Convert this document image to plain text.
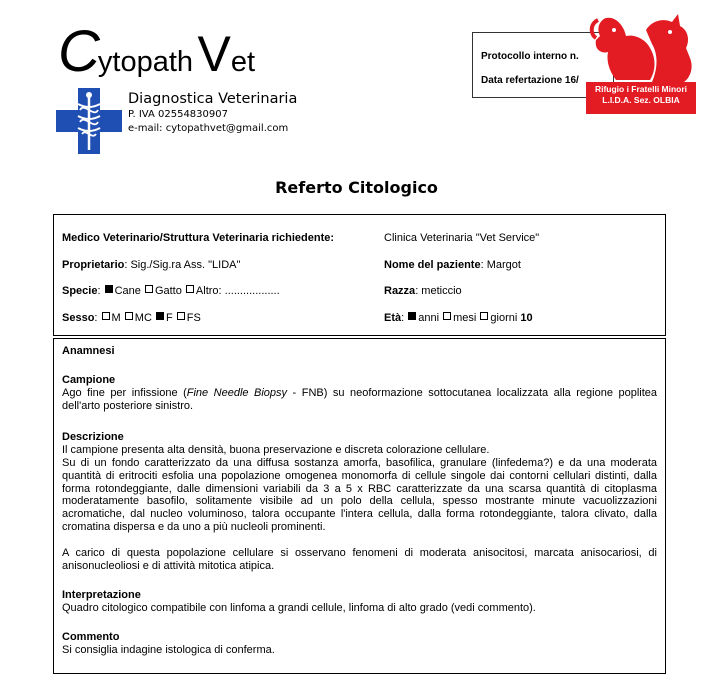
Cytopath Vet
Diagnostica Veterinaria
P. IVA 02554830907
e-mail: cytopathvet@gmail.com
Protocollo interno n.
Data refertazione 16/
Rifugio i Fratelli Minori
L.I.D.A. Sez. OLBIA
Referto Citologico
Medico Veterinario/Struttura Veterinaria richiedente:	Clinica Veterinaria "Vet Service"
Proprietario: Sig./Sig.ra Ass. "LIDA"	Nome del paziente: Margot
Specie: Cane Gatto Altro: ..................	Razza: meticcio
Sesso: M MC F FS	Età: anni mesi giorni 10
Anamnesi
Campione
Ago fine per infissione (Fine Needle Biopsy - FNB) su neoformazione sottocutanea localizzata alla regione poplitea dell'arto posteriore sinistro.
Descrizione
Il campione presenta alta densità, buona preservazione e discreta colorazione cellulare.
Su di un fondo caratterizzato da una diffusa sostanza amorfa, basofilica, granulare (linfedema?) e da una moderata quantità di eritrociti esfolia una popolazione omogenea monomorfa di cellule singole dai contorni cellulari distinti, dalla forma rotondeggiante, dalle dimensioni variabili da 3 a 5 x RBC caratterizzate da una scarsa quantità di citoplasma moderatamente basofilo, solitamente visibile ad un polo della cellula, spesso mostrante minute vacuolizzazioni acromatiche, dal nucleo voluminoso, talora occupante l'intera cellula, dalla forma rotondeggiante, talora clivato, dalla cromatina dispersa e da uno a più nucleoli prominenti.
A carico di questa popolazione cellulare si osservano fenomeni di moderata anisocitosi, marcata anisocariosi, di anisonucleoliosi e di attività mitotica atipica.
Interpretazione
Quadro citologico compatibile con linfoma a grandi cellule, linfoma di alto grado (vedi commento).
Commento
Si consiglia indagine istologica di conferma.
